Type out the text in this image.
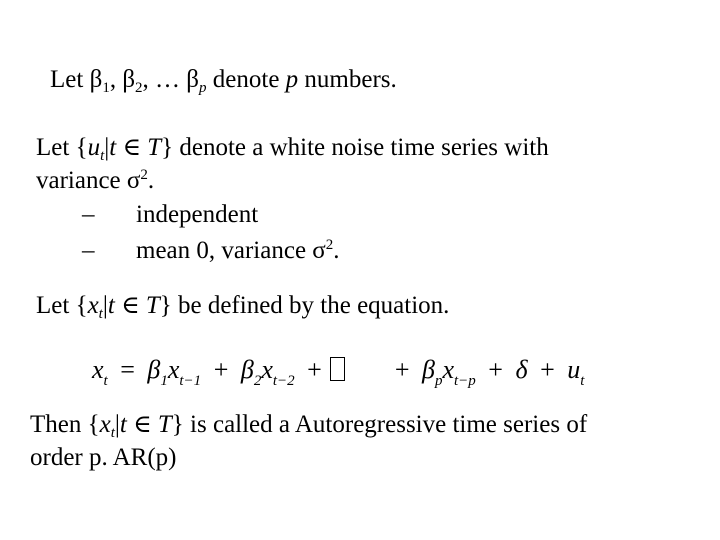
Let $\beta_1$, $\beta_2$, … $\beta_p$ denote p numbers.
Let {$u_t|t$ ∈ T} denote a white noise time series with
variance $\sigma^2$.
– independent
– mean 0, variance $\sigma^2$.
Let {$x_t|t$ ∈ T} be defined by the equation.
$x_t = \beta_1x_{t-1} + \beta_2x_{t-2}$ +	+ $\beta_px_{t-p} + \delta + u_t$
Then {$x_t|t$ ∈ T} is called a Autoregressive time series of
order p. AR(p)
